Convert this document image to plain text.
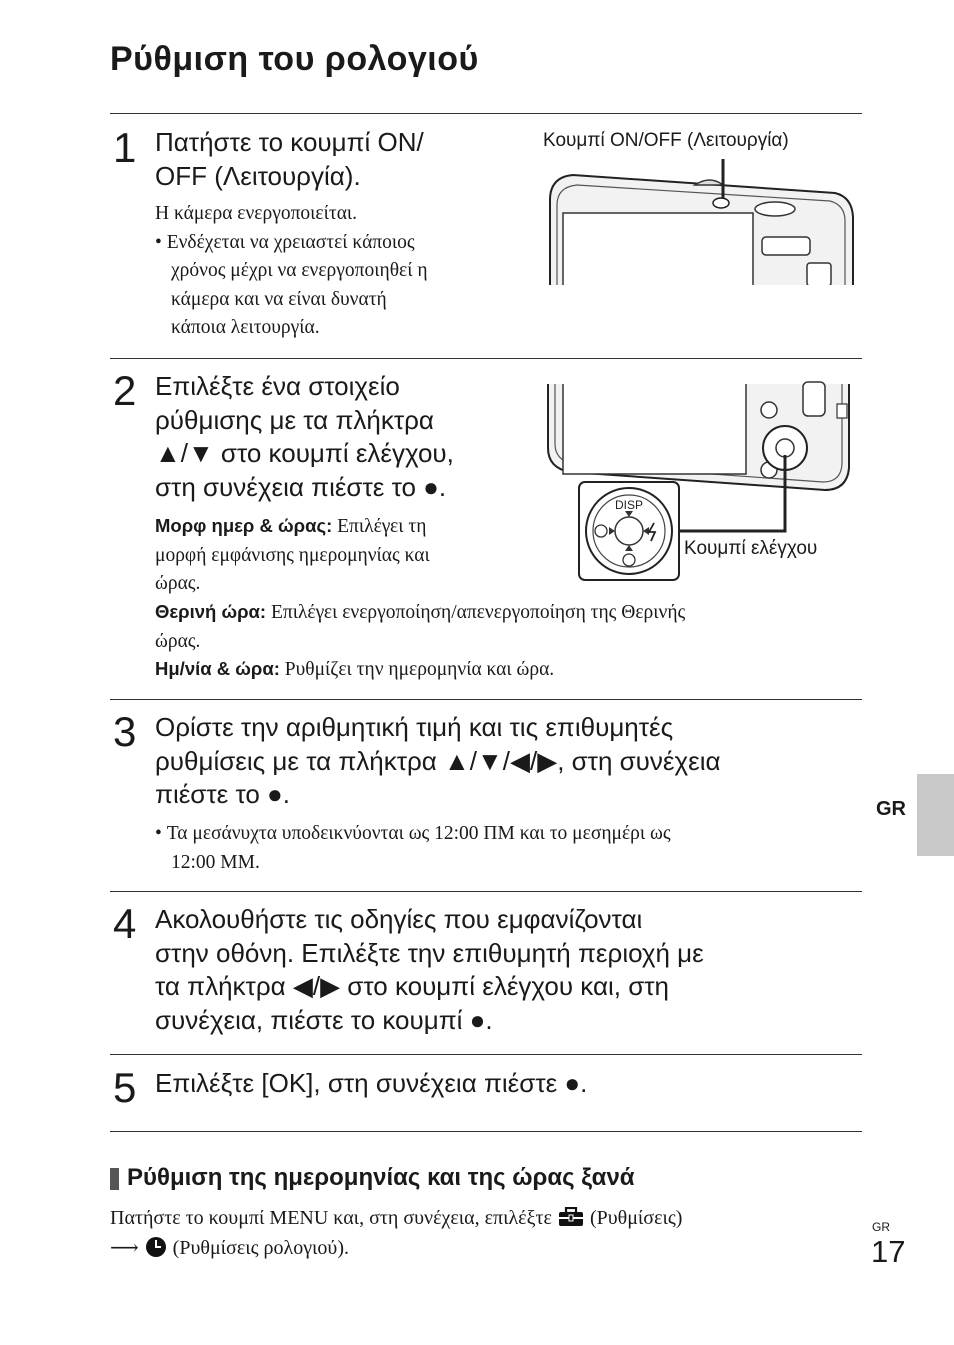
Ρύθμιση του ρολογιού
1 Πατήστε το κουμπί ON/
OFF (Λειτουργία).
Η κάμερα ενεργοποιείται.
• Ενδέχεται να χρειαστεί κάποιος
χρόνος μέχρι να ενεργοποιηθεί η
κάμερα και να είναι δυνατή
κάποια λειτουργία.
Κουμπί ON/OFF (Λειτουργία)
2 Επιλέξτε ένα στοιχείο
ρύθμισης με τα πλήκτρα
▲/▼ στο κουμπί ελέγχου,
στη συνέχεια πιέστε το ●.
Μορφ ημερ & ώρας: Επιλέγει τη
μορφή εμφάνισης ημερομηνίας και
ώρας.
Θερινή ώρα: Επιλέγει ενεργοποίηση/απενεργοποίηση της Θερινής
ώρας.
Ημ/νία & ώρα: Ρυθμίζει την ημερομηνία και ώρα.
DISP
Κουμπί ελέγχου
3 Ορίστε την αριθμητική τιμή και τις επιθυμητές
ρυθμίσεις με τα πλήκτρα ▲/▼/◀/▶, στη συνέχεια
πιέστε το ●.
• Τα μεσάνυχτα υποδεικνύονται ως 12:00 ΠΜ και το μεσημέρι ως
12:00 ΜΜ.
4 Ακολουθήστε τις οδηγίες που εμφανίζονται
στην οθόνη. Επιλέξτε την επιθυμητή περιοχή με
τα πλήκτρα ◀/▶ στο κουμπί ελέγχου και, στη
συνέχεια, πιέστε το κουμπί ●.
5 Επιλέξτε [OK], στη συνέχεια πιέστε ●.
Ρύθμιση της ημερομηνίας και της ώρας ξανά
Πατήστε το κουμπί MENU και, στη συνέχεια, επιλέξτε (Ρυθμίσεις)
⟶ (Ρυθμίσεις ρολογιού).
GR
GR
17
